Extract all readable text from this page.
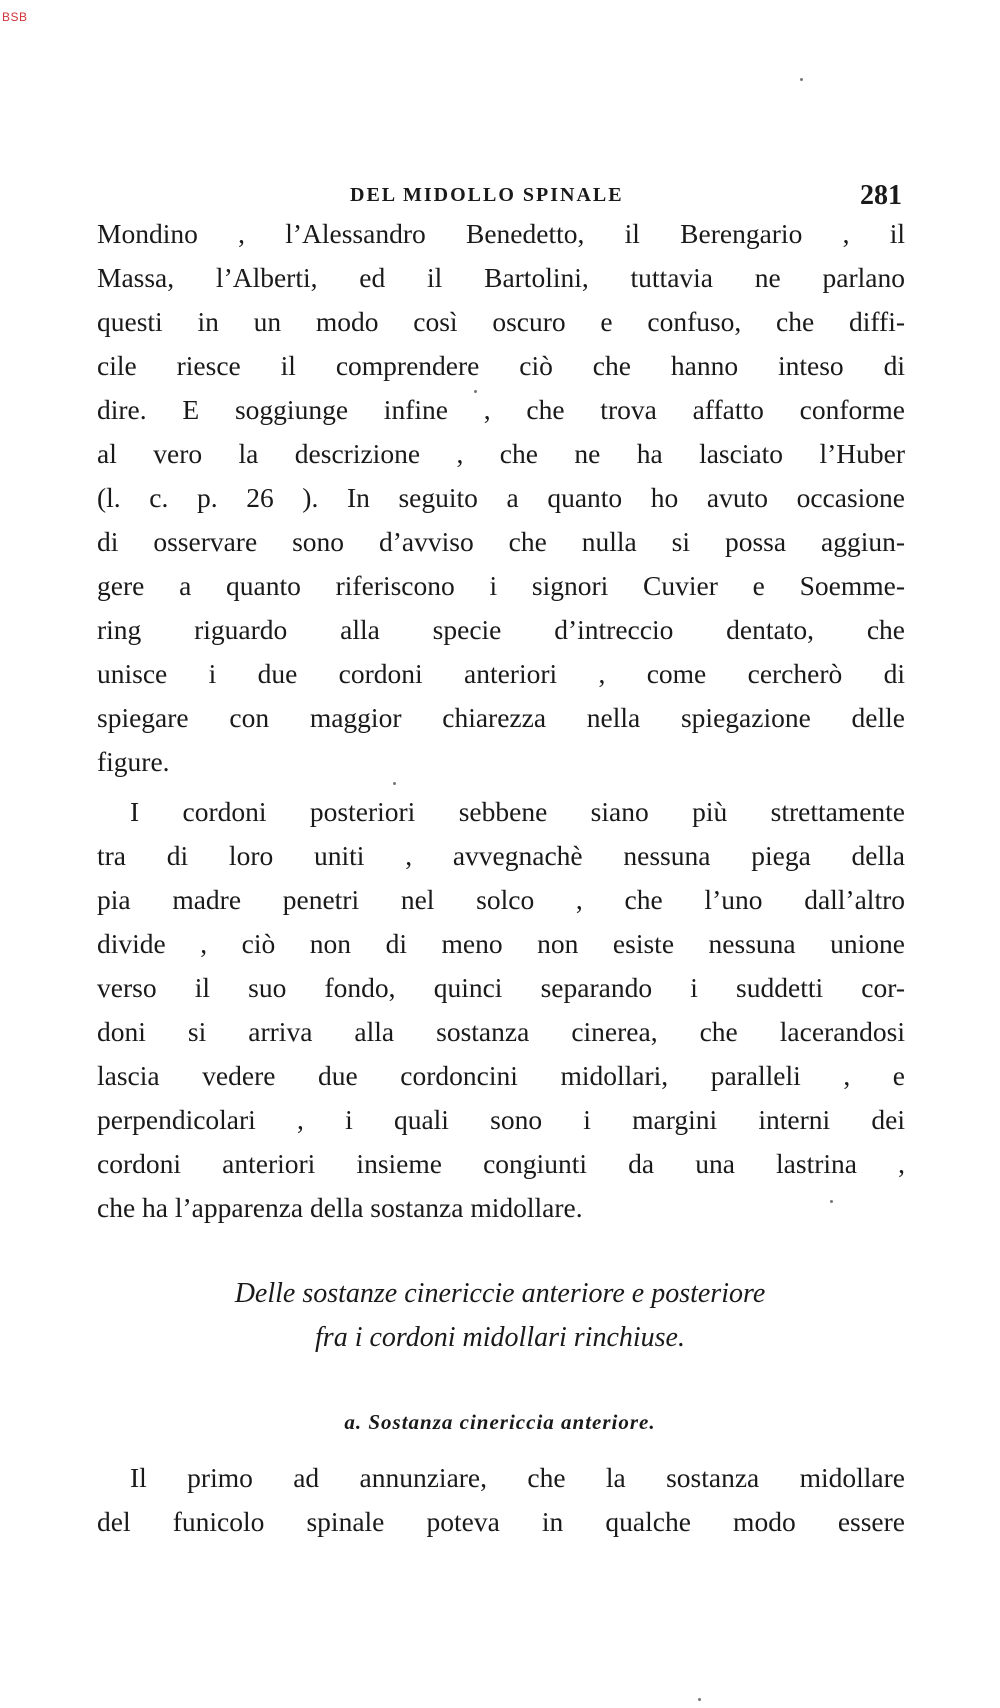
BSB
DEL MIDOLLO SPINALE	281
Mondino , l’Alessandro Benedetto, il Berengario , il
Massa, l’Alberti, ed il Bartolini, tuttavia ne parlano
questi in un modo così oscuro e confuso, che diffi-
cile riesce il comprendere ciò che hanno inteso di
dire. E soggiunge infine , che trova affatto conforme
al vero la descrizione , che ne ha lasciato l’Huber
(l. c. p. 26 ). In seguito a quanto ho avuto occasione
di osservare sono d’avviso che nulla si possa aggiun-
gere a quanto riferiscono i signori Cuvier e Soemme-
ring riguardo alla specie d’intreccio dentato, che
unisce i due cordoni anteriori , come cercherò di
spiegare con maggior chiarezza nella spiegazione delle
figure.
I cordoni posteriori sebbene siano più strettamente
tra di loro uniti , avvegnachè nessuna piega della
pia madre penetri nel solco , che l’uno dall’altro
divide , ciò non di meno non esiste nessuna unione
verso il suo fondo, quinci separando i suddetti cor-
doni si arriva alla sostanza cinerea, che lacerandosi
lascia vedere due cordoncini midollari, paralleli , e
perpendicolari , i quali sono i margini interni dei
cordoni anteriori insieme congiunti da una lastrina ,
che ha l’apparenza della sostanza midollare.
Delle sostanze cinericcie anteriore e posteriore
fra i cordoni midollari rinchiuse.
a. Sostanza cinericcia anteriore.
Il primo ad annunziare, che la sostanza midollare
del funicolo spinale poteva in qualche modo essere
